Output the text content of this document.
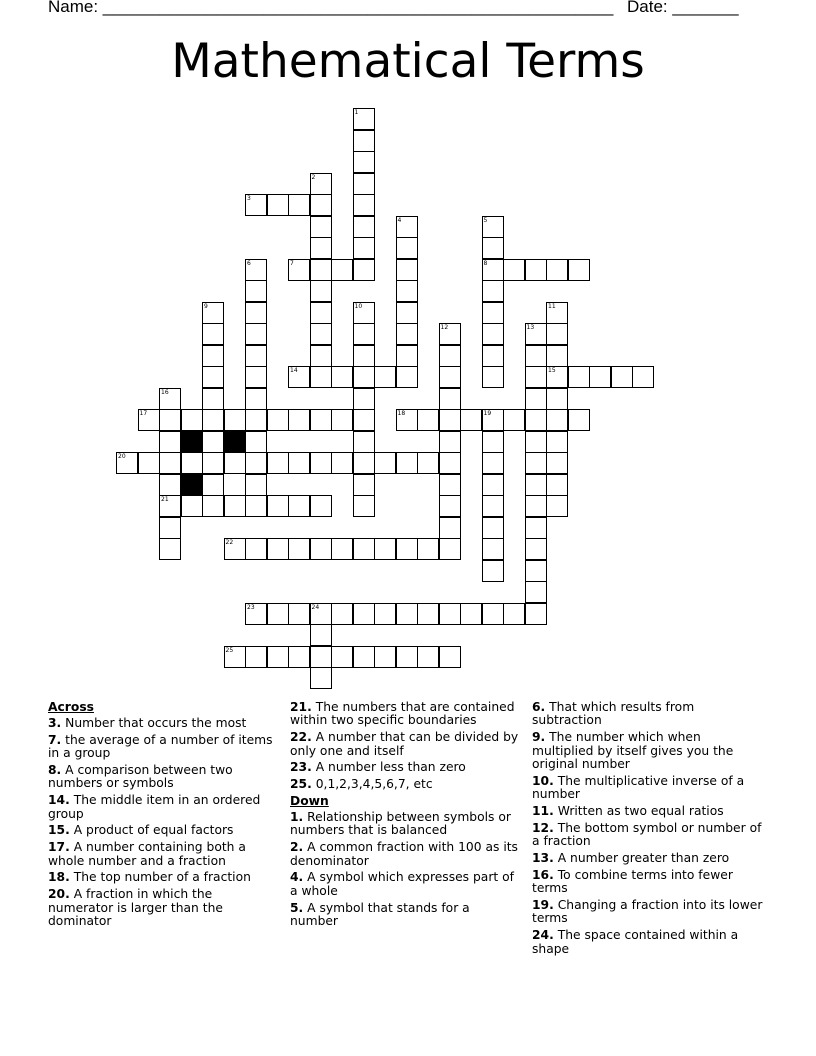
Name: ______________________________________________________ Date: _______
Mathematical Terms
1
2
3
4	5
6	7	8
9	10	11
12	13
14	15
16
17	18	19
20
21
22
23	24
25
Across
3. Number that occurs the most
7. the average of a number of items in a group
8. A comparison between two numbers or symbols
14. The middle item in an ordered group
15. A product of equal factors
17. A number containing both a whole number and a fraction
18. The top number of a fraction
20. A fraction in which the numerator is larger than the dominator
21. The numbers that are contained within two specific boundaries
22. A number that can be divided by only one and itself
23. A number less than zero
25. 0,1,2,3,4,5,6,7, etc
Down
1. Relationship between symbols or numbers that is balanced
2. A common fraction with 100 as its denominator
4. A symbol which expresses part of a whole
5. A symbol that stands for a number
6. That which results from subtraction
9. The number which when multiplied by itself gives you the original number
10. The multiplicative inverse of a number
11. Written as two equal ratios
12. The bottom symbol or number of a fraction
13. A number greater than zero
16. To combine terms into fewer terms
19. Changing a fraction into its lower terms
24. The space contained within a shape
